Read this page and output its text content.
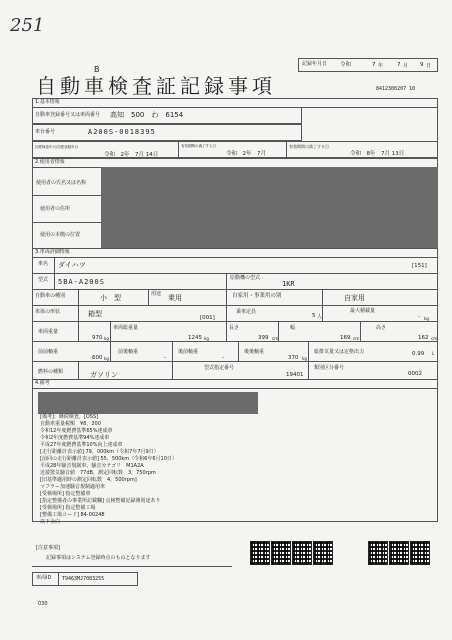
251
記録年月日 令和	7 年	7 月 9 日
B
自動車検査証記録事項	8412300207 10
1.基本情報
自動車登録番号又は車両番号 高知　500　わ　6154
車台番号	A200S-0018395
初度検査年月/初度登録年月
令和　2年　7月 14日
有効期間の満了する日
令和　2年　7月
有効期間の満了する日
令和　8年　7月 13日
2.使用者情報
使用者の氏名又は名称
使用者の住所
使用の本拠の位置
3.車両詳細情報
車名 ダイハツ	[151]
型式 5BA-A200S	原動機の型式
1KR
自動車の種別	小　型	用途 乗用	自家用・事業用の別	自家用
車体の形状	箱型	[001]
乗車定員
5 人
最大積載量
- kg
車両重量
970 kg
車両総重量
1245 kg
長さ
399 cm
幅
169 cm
高さ
162 cm
前前軸重
600 kg
前後軸重
-
後前軸重
-
後後軸重
370 kg
総排気量又は定格出力	0.99 L
燃料の種類	ガソリン
型式指定番号
19401
類別区分番号
0002
4.備考
[備考]：継続検査，[OSS]
自動車重量税額　¥8，200
令和12年度燃費基準65%達成車
令和2年度燃費基準94%達成車
平成27年度燃費基準10%向上達成車
[走行距離計表示値] 79，000km（令和7年7月9日）
[前回の走行距離計表示値] 55，500km（令和6年6月10日）
平成28年騒音規制車，騒音カテゴリ　M1A2A
近接排気騒音値　77dB，測定回転数　3，750rpm
[旧基準適用時の測定回転数　4，500rpm]
マフラー加速騒音規制適用車
[受検場所] 指定整備車
[指定整備者の事業所記載欄] 点検整備記録簿別途あり
[受検場所] 指定整備工場
[整備工場コード] 84-00248
以下余白
[注意事項]
記録事項はシステム登録時点のものとなります
車両ID T9463MJ7083255
030
